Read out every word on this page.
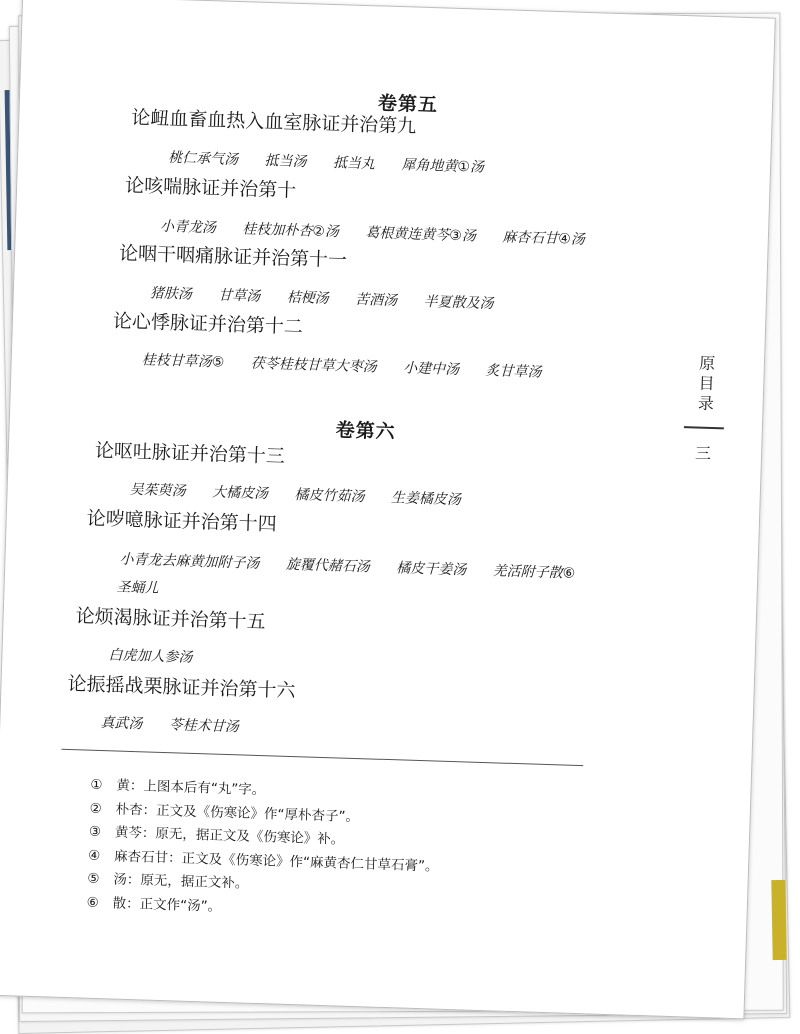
卷第五
论衄血畜血热入血室脉证并治第九
桃仁承气汤 抵当汤 抵当丸 犀角地黄①汤
论咳喘脉证并治第十
小青龙汤 桂枝加朴杏②汤 葛根黄连黄芩③汤 麻杏石甘④汤
论咽干咽痛脉证并治第十一
猪肤汤 甘草汤 桔梗汤 苦酒汤 半夏散及汤
论心悸脉证并治第十二
桂枝甘草汤⑤ 茯苓桂枝甘草大枣汤 小建中汤 炙甘草汤
卷第六
论呕吐脉证并治第十三
吴茱萸汤 大橘皮汤 橘皮竹茹汤 生姜橘皮汤
论哕噫脉证并治第十四
小青龙去麻黄加附子汤 旋覆代赭石汤 橘皮干姜汤 羌活附子散⑥
圣蛹儿
论烦渴脉证并治第十五
白虎加人参汤
论振摇战栗脉证并治第十六
真武汤 苓桂术甘汤
原目录
三
① 黄：上图本后有“丸”字。
② 朴杏：正文及《伤寒论》作“厚朴杏子”。
③ 黄芩：原无，据正文及《伤寒论》补。
④ 麻杏石甘：正文及《伤寒论》作“麻黄杏仁甘草石膏”。
⑤ 汤：原无，据正文补。
⑥ 散：正文作“汤”。
